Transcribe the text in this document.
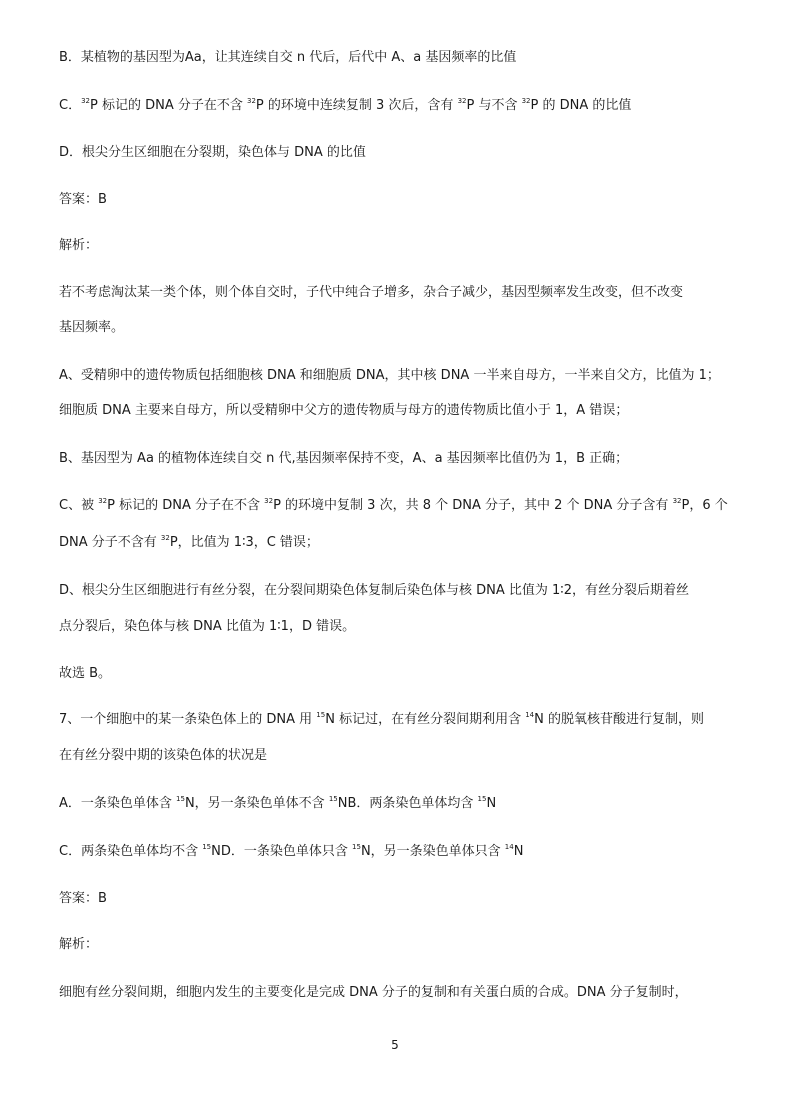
B．某植物的基因型为Aa，让其连续自交 n 代后，后代中 A、a 基因频率的比值
C．$^{32}$P 标记的 DNA 分子在不含 $^{32}$P 的环境中连续复制 3 次后，含有 $^{32}$P 与不含 $^{32}$P 的 DNA 的比值
D．根尖分生区细胞在分裂期，染色体与 DNA 的比值
答案：B
解析：
若不考虑淘汰某一类个体，则个体自交时，子代中纯合子增多，杂合子减少，基因型频率发生改变，但不改变
基因频率。
A、受精卵中的遗传物质包括细胞核 DNA 和细胞质 DNA，其中核 DNA 一半来自母方，一半来自父方，比值为 1；
细胞质 DNA 主要来自母方，所以受精卵中父方的遗传物质与母方的遗传物质比值小于 1，A 错误；
B、基因型为 Aa 的植物体连续自交 n 代,基因频率保持不变，A、a 基因频率比值仍为 1，B 正确；
C、被 $^{32}$P 标记的 DNA 分子在不含 $^{32}$P 的环境中复制 3 次，共 8 个 DNA 分子，其中 2 个 DNA 分子含有 $^{32}$P，6 个
DNA 分子不含有 $^{32}$P，比值为 1∶3，C 错误；
D、根尖分生区细胞进行有丝分裂，在分裂间期染色体复制后染色体与核 DNA 比值为 1∶2，有丝分裂后期着丝
点分裂后，染色体与核 DNA 比值为 1∶1，D 错误。
故选 B。
7、一个细胞中的某一条染色体上的 DNA 用 $^{15}$N 标记过，在有丝分裂间期利用含 $^{14}$N 的脱氧核苷酸进行复制，则
在有丝分裂中期的该染色体的状况是
A．一条染色单体含 $^{15}$N，另一条染色单体不含 $^{15}$NB．两条染色单体均含 $^{15}$N
C．两条染色单体均不含 $^{15}$ND．一条染色单体只含 $^{15}$N，另一条染色单体只含 $^{14}$N
答案：B
解析：
细胞有丝分裂间期，细胞内发生的主要变化是完成 DNA 分子的复制和有关蛋白质的合成。DNA 分子复制时，
5
